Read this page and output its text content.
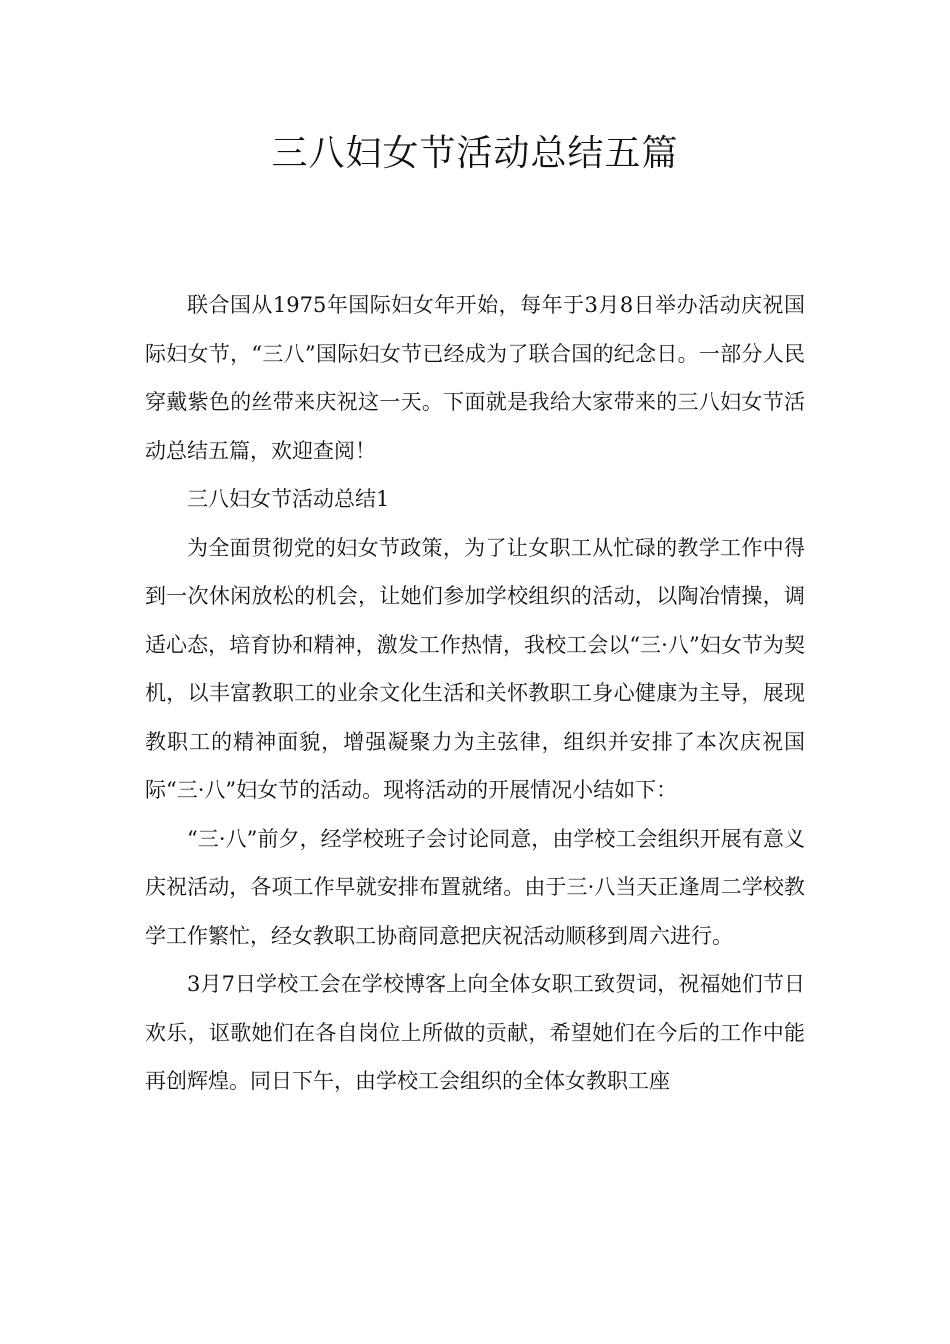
三八妇女节活动总结五篇

联合国从1975年国际妇女年开始，每年于3月8日举办活动庆祝国际妇女节，“三八”国际妇女节已经成为了联合国的纪念日。一部分人民穿戴紫色的丝带来庆祝这一天。下面就是我给大家带来的三八妇女节活动总结五篇，欢迎查阅！

三八妇女节活动总结1

为全面贯彻党的妇女节政策，为了让女职工从忙碌的教学工作中得到一次休闲放松的机会，让她们参加学校组织的活动，以陶冶情操，调适心态，培育协和精神，激发工作热情，我校工会以“三·八”妇女节为契机，以丰富教职工的业余文化生活和关怀教职工身心健康为主导，展现教职工的精神面貌，增强凝聚力为主弦律，组织并安排了本次庆祝国际“三·八”妇女节的活动。现将活动的开展情况小结如下：

“三·八”前夕，经学校班子会讨论同意，由学校工会组织开展有意义庆祝活动，各项工作早就安排布置就绪。由于三·八当天正逢周二学校教学工作繁忙，经女教职工协商同意把庆祝活动顺移到周六进行。

3月7日学校工会在学校博客上向全体女职工致贺词，祝福她们节日欢乐，讴歌她们在各自岗位上所做的贡献，希望她们在今后的工作中能再创辉煌。同日下午，由学校工会组织的全体女教职工座
